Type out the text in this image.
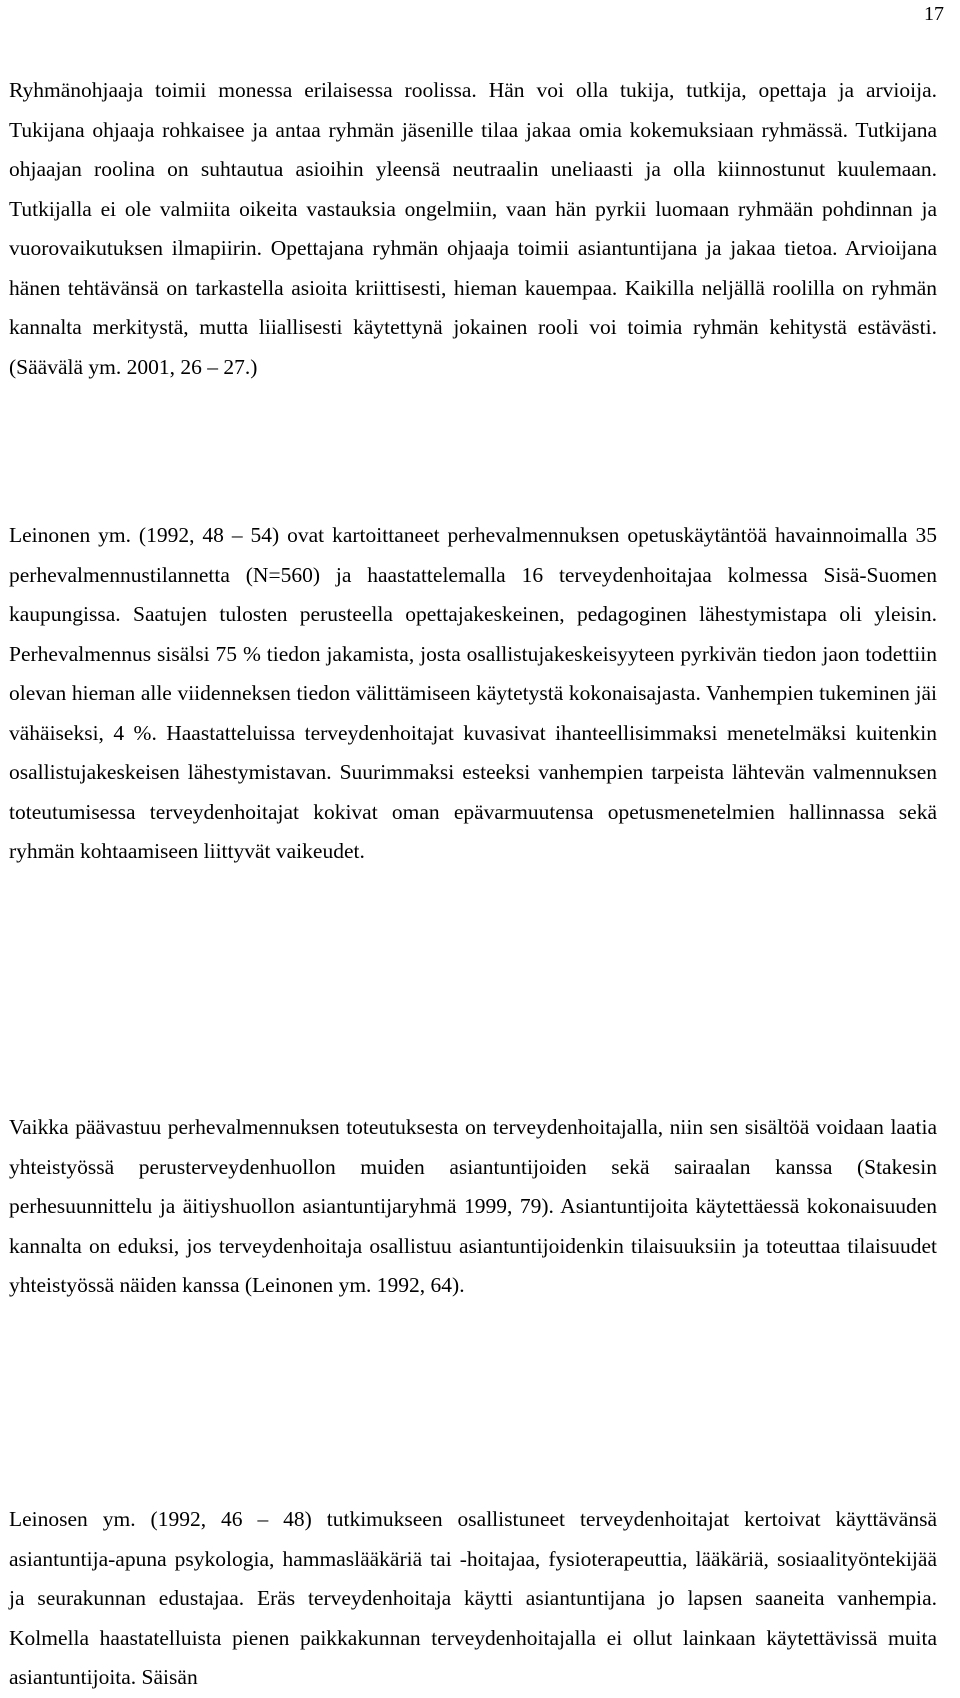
17

Ryhmänohjaaja toimii monessa erilaisessa roolissa. Hän voi olla tukija, tutkija, opettaja ja arvioija. Tukijana ohjaaja rohkaisee ja antaa ryhmän jäsenille tilaa jakaa omia kokemuksiaan ryhmässä. Tutkijana ohjaajan roolina on suhtautua asioihin yleensä neutraalin uneliaasti ja olla kiinnostunut kuulemaan. Tutkijalla ei ole valmiita oikeita vastauksia ongelmiin, vaan hän pyrkii luomaan ryhmään pohdinnan ja vuorovaikutuksen ilmapiirin. Opettajana ryhmän ohjaaja toimii asiantuntijana ja jakaa tietoa. Arvioijana hänen tehtävänsä on tarkastella asioita kriittisesti, hieman kauempaa. Kaikilla neljällä roolilla on ryhmän kannalta merkitystä, mutta liiallisesti käytettynä jokainen rooli voi toimia ryhmän kehitystä estävästi. (Säävälä ym. 2001, 26 – 27.)

Leinonen ym. (1992, 48 – 54) ovat kartoittaneet perhevalmennuksen opetuskäytäntöä havainnoimalla 35 perhevalmennustilannetta (N=560) ja haastattelemalla 16 terveydenhoitajaa kolmessa Sisä-Suomen kaupungissa. Saatujen tulosten perusteella opettajakeskeinen, pedagoginen lähestymistapa oli yleisin. Perhevalmennus sisälsi 75 % tiedon jakamista, josta osallistujakeskeisyyteen pyrkivän tiedon jaon todettiin olevan hieman alle viidenneksen tiedon välittämiseen käytetystä kokonaisajasta. Vanhempien tukeminen jäi vähäiseksi, 4 %. Haastatteluissa terveydenhoitajat kuvasivat ihanteellisimmaksi menetelmäksi kuitenkin osallistujakeskeisen lähestymistavan. Suurimmaksi esteeksi vanhempien tarpeista lähtevän valmennuksen toteutumisessa terveydenhoitajat kokivat oman epävarmuutensa opetusmenetelmien hallinnassa sekä ryhmän kohtaamiseen liittyvät vaikeudet.

Vaikka päävastuu perhevalmennuksen toteutuksesta on terveydenhoitajalla, niin sen sisältöä voidaan laatia yhteistyössä perusterveydenhuollon muiden asiantuntijoiden sekä sairaalan kanssa (Stakesin perhesuunnittelu ja äitiyshuollon asiantuntijaryhmä 1999, 79). Asiantuntijoita käytettäessä kokonaisuuden kannalta on eduksi, jos terveydenhoitaja osallistuu asiantuntijoidenkin tilaisuuksiin ja toteuttaa tilaisuudet yhteistyössä näiden kanssa (Leinonen ym. 1992, 64).

Leinosen ym. (1992, 46 – 48) tutkimukseen osallistuneet terveydenhoitajat kertoivat käyttävänsä asiantuntija-apuna psykologia, hammaslääkäriä tai -hoitajaa, fysioterapeuttia, lääkäriä, sosiaalityöntekijää ja seurakunnan edustajaa. Eräs terveydenhoitaja käytti asiantuntijana jo lapsen saaneita vanhempia. Kolmella haastatelluista pienen paikkakunnan terveydenhoitajalla ei ollut lainkaan käytettävissä muita asiantuntijoita. Säisän
